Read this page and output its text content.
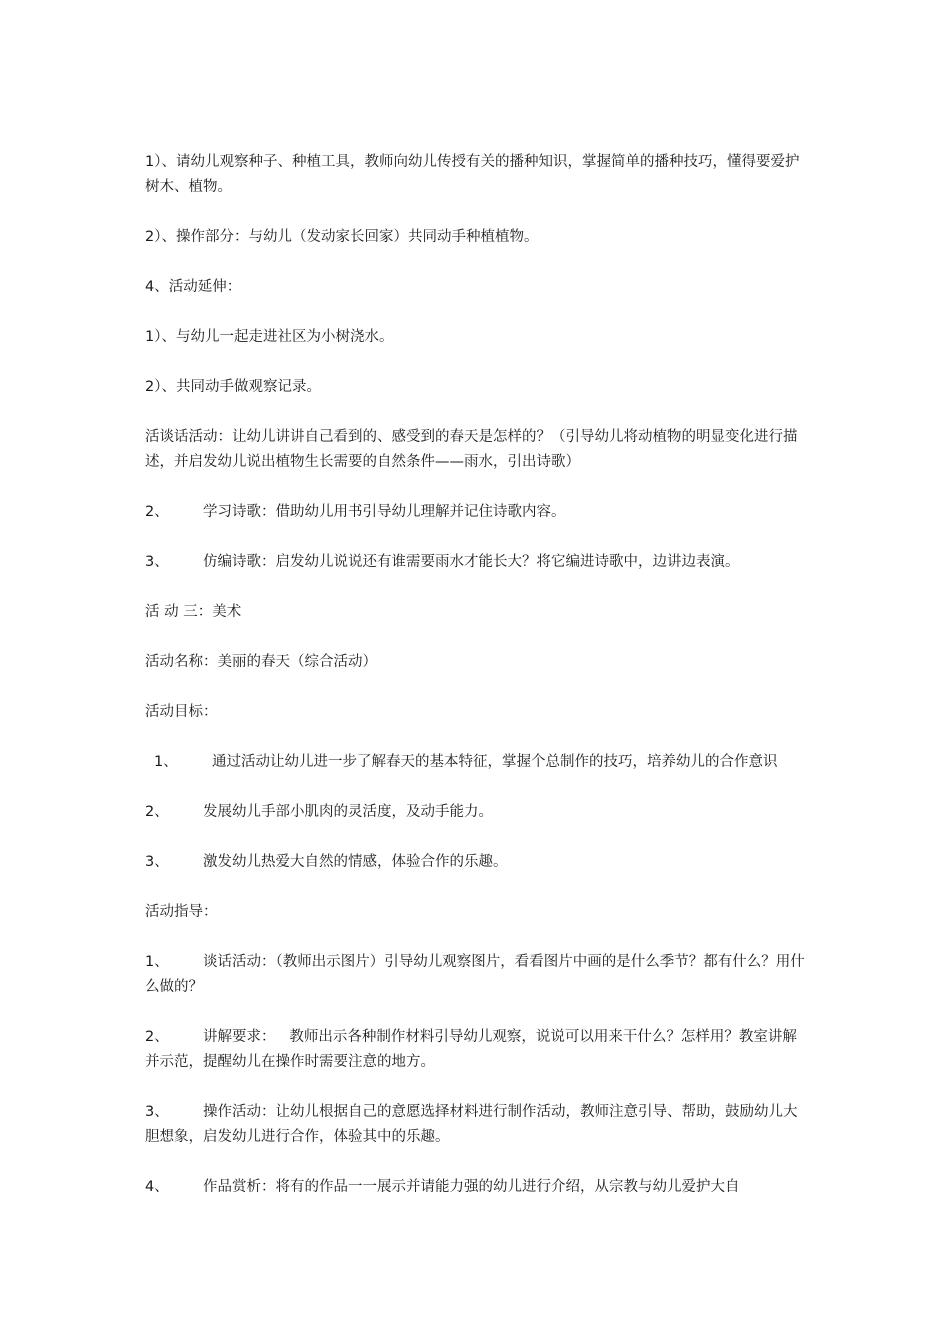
1）、请幼儿观察种子、种植工具，教师向幼儿传授有关的播种知识，掌握简单的播种技巧，懂得要爱护树木、植物。

2）、操作部分：与幼儿（发动家长回家）共同动手种植植物。

4、活动延伸：

1）、与幼儿一起走进社区为小树浇水。

2）、共同动手做观察记录。

活谈话活动：让幼儿讲讲自己看到的、感受到的春天是怎样的？（引导幼儿将动植物的明显变化进行描述，并启发幼儿说出植物生长需要的自然条件——雨水，引出诗歌）

2、 学习诗歌：借助幼儿用书引导幼儿理解并记住诗歌内容。

3、 仿编诗歌：启发幼儿说说还有谁需要雨水才能长大？将它编进诗歌中，边讲边表演。

活 动 三：美术

活动名称：美丽的春天（综合活动）

活动目标：

1、 通过活动让幼儿进一步了解春天的基本特征，掌握个总制作的技巧，培养幼儿的合作意识

2、 发展幼儿手部小肌肉的灵活度，及动手能力。

3、 激发幼儿热爱大自然的情感，体验合作的乐趣。

活动指导：

1、 谈话活动：（教师出示图片）引导幼儿观察图片，看看图片中画的是什么季节？都有什么？用什么做的？

2、 讲解要求：   教师出示各种制作材料引导幼儿观察，说说可以用来干什么？怎样用？教室讲解并示范，提醒幼儿在操作时需要注意的地方。

3、 操作活动：让幼儿根据自己的意愿选择材料进行制作活动，教师注意引导、帮助，鼓励幼儿大胆想象，启发幼儿进行合作，体验其中的乐趣。

4、 作品赏析：将有的作品一一展示并请能力强的幼儿进行介绍，从宗教与幼儿爱护大自
